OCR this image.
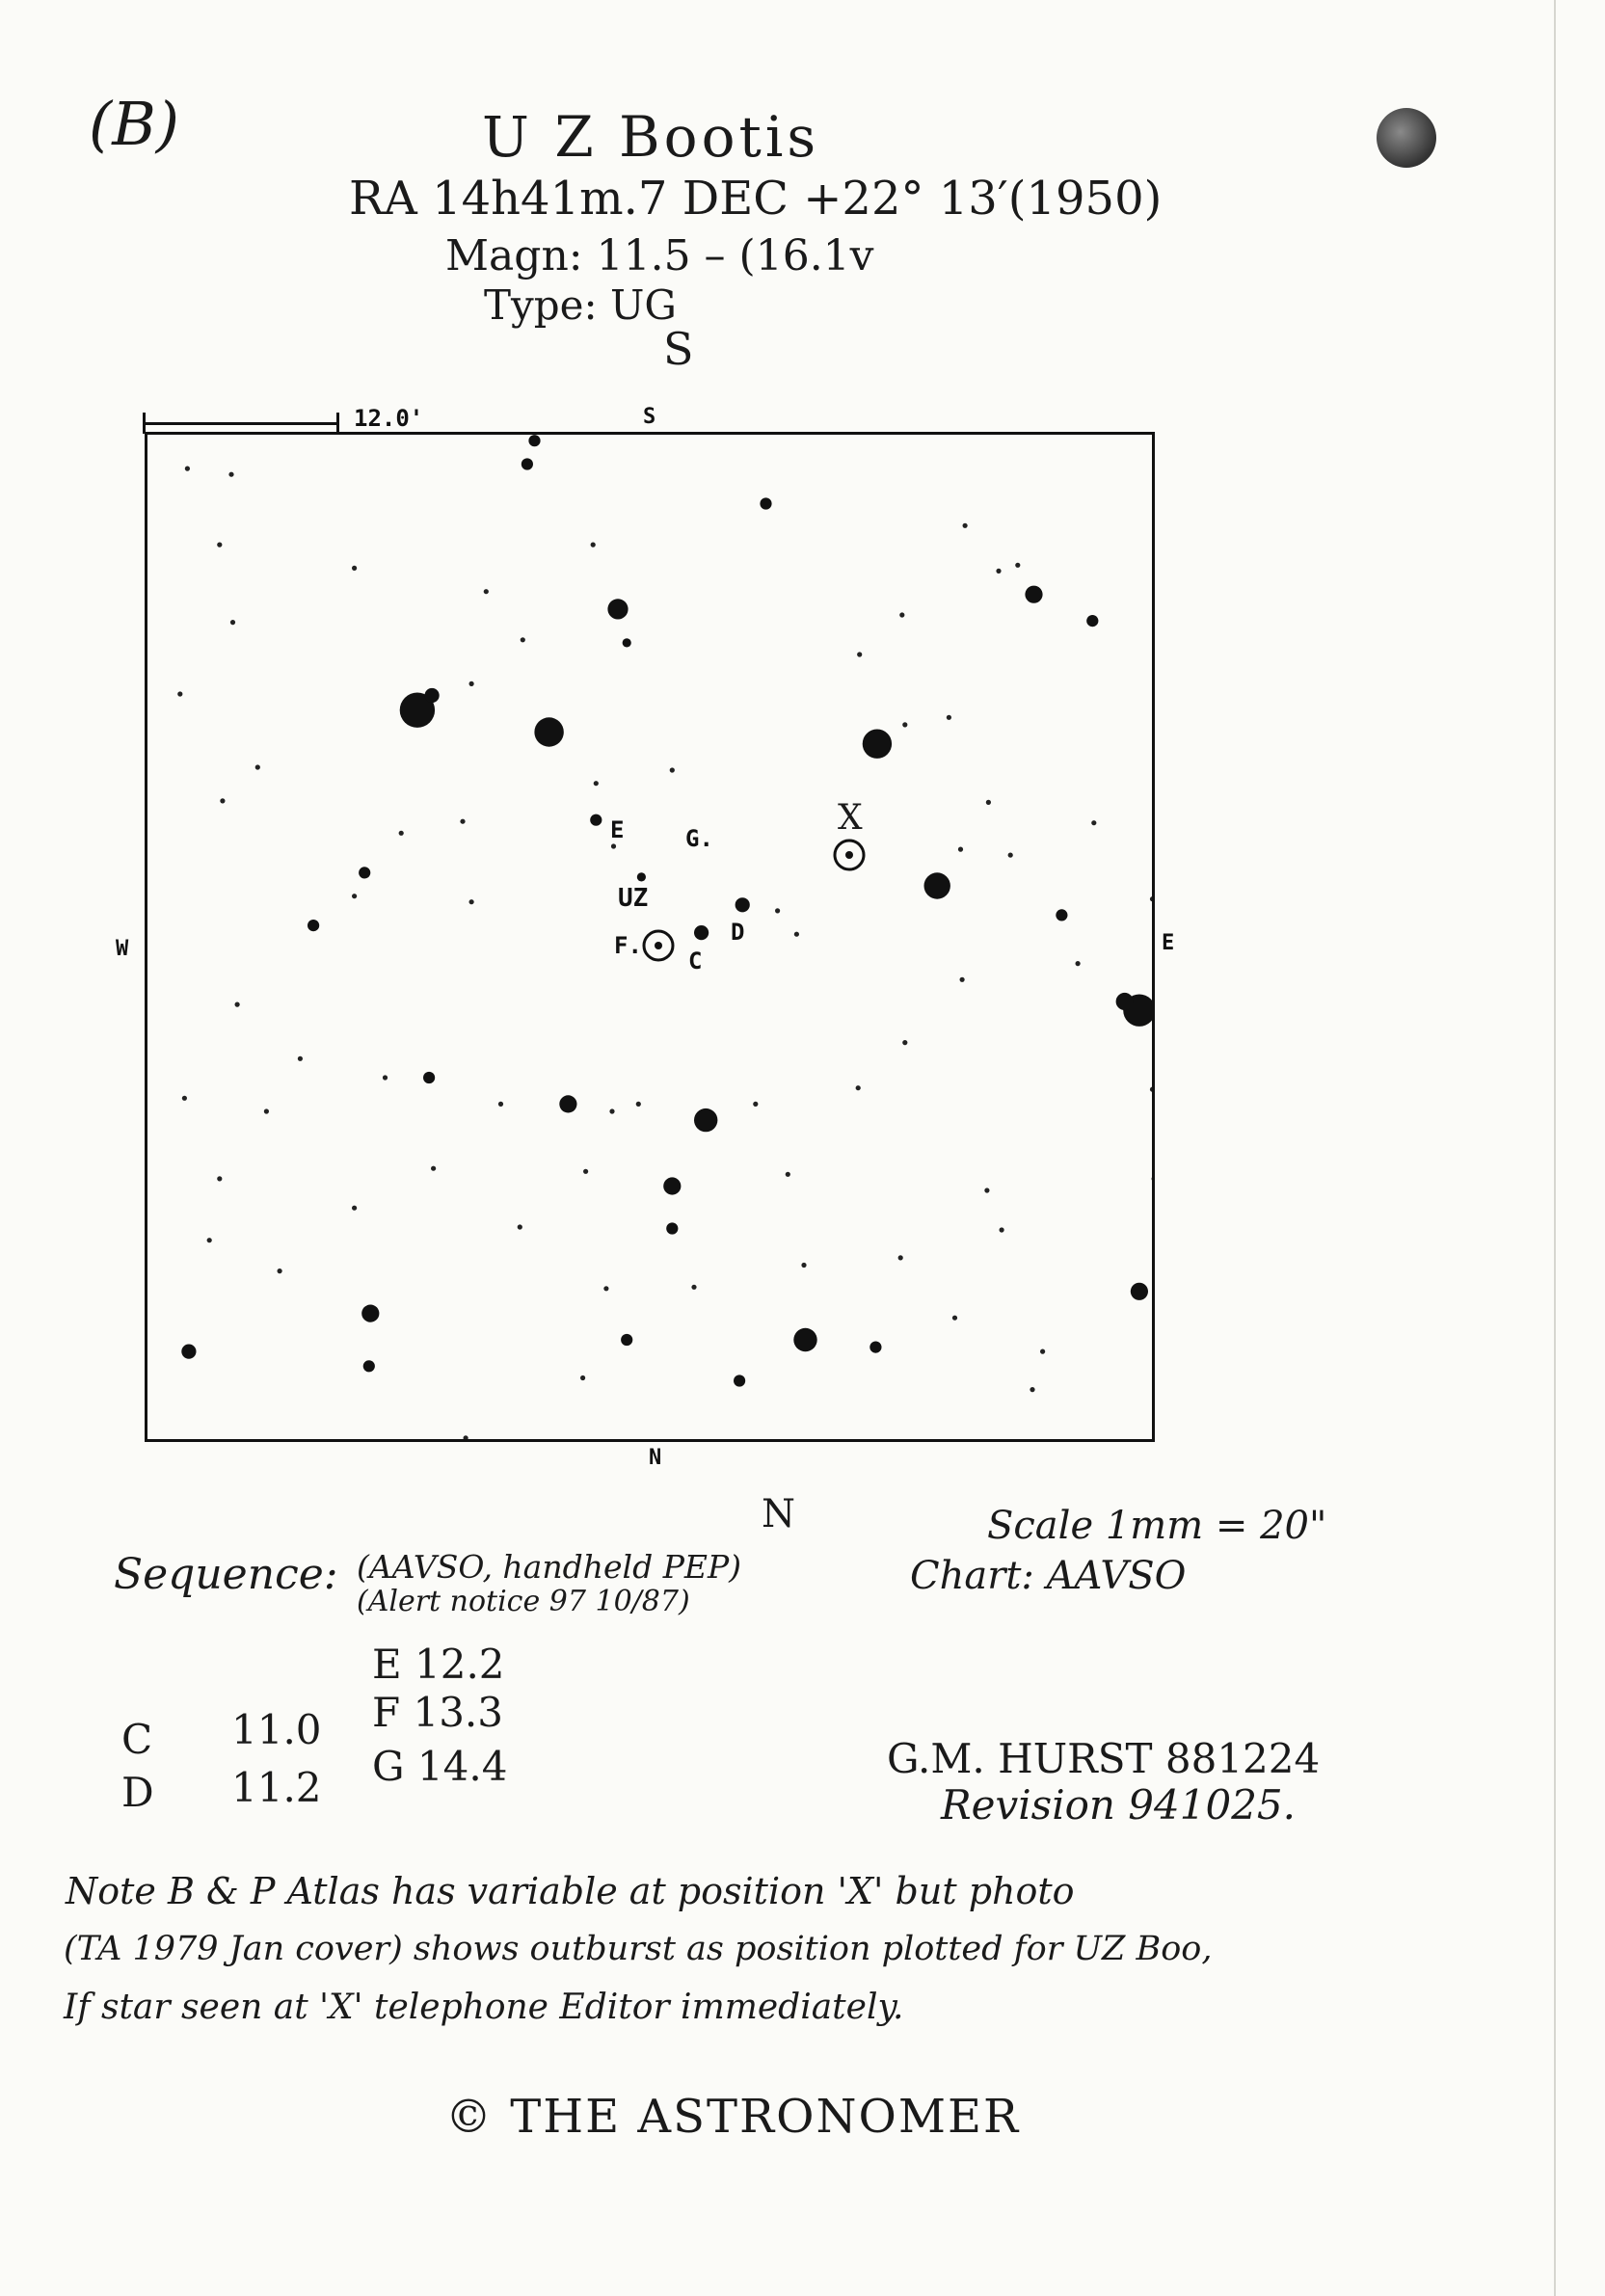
(B)	U Z Bootis
RA 14h41m.7 DEC +22° 13′(1950)
Magn: 11.5 – (16.1v
Type: UG
S
12.0'	S
N
W	E
X
UZ
E	G.
D
F.
C
N	Scale 1mm = 20"
Chart: AAVSO
Sequence: (AAVSO, handheld PEP)
(Alert notice 97 10/87)
E 12.2
F 13.3
G 14.4
C 11.0
D 11.2
G.M. HURST 881224
Revision 941025.
Note B & P Atlas has variable at position 'X' but photo
(TA 1979 Jan cover) shows outburst as position plotted for UZ Boo,
If star seen at 'X' telephone Editor immediately.
© THE ASTRONOMER
